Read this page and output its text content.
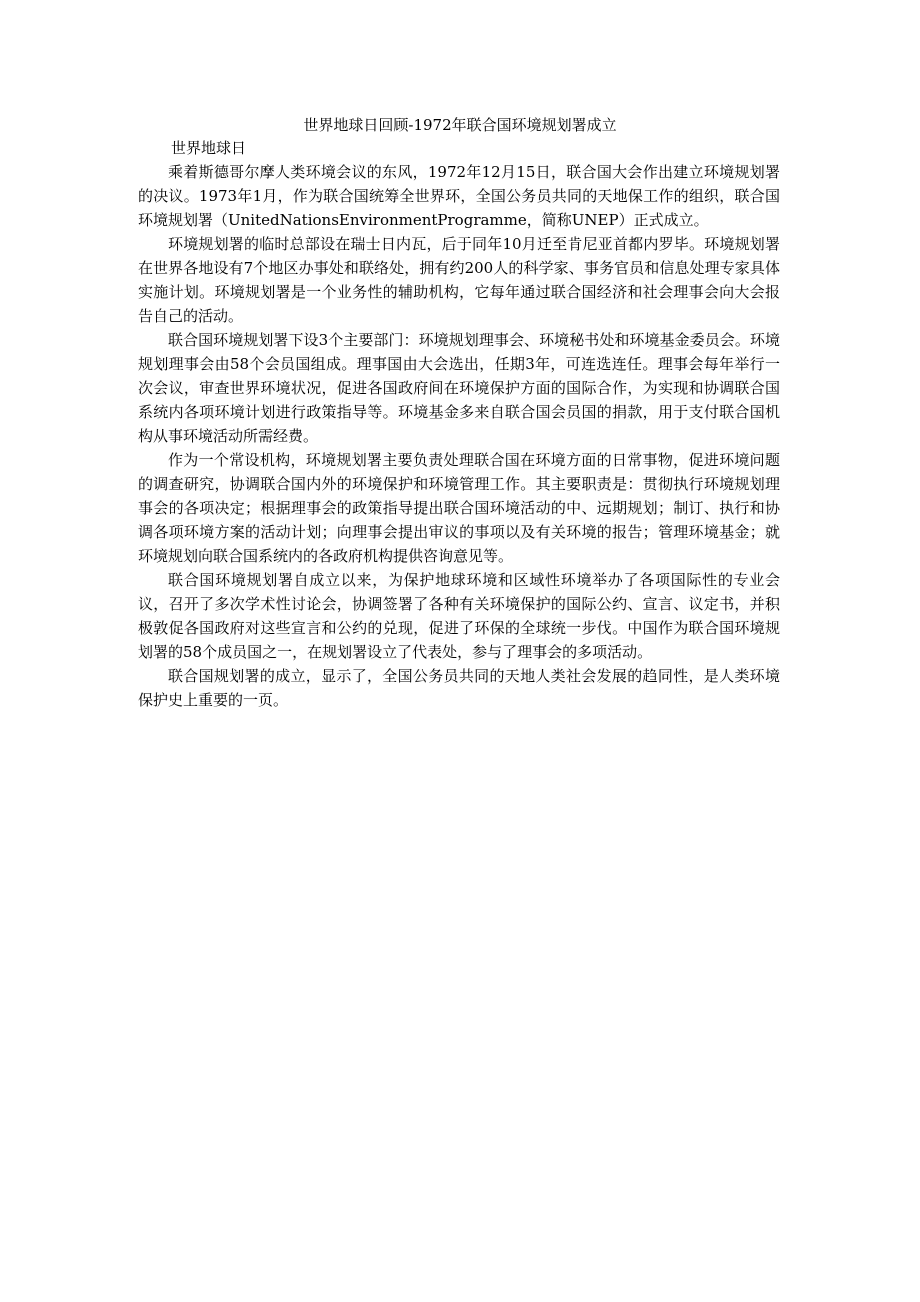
世界地球日回顾-1972年联合国环境规划署成立
世界地球日

乘着斯德哥尔摩人类环境会议的东风，1972年12月15日，联合国大会作出建立环境规划署的决议。1973年1月，作为联合国统筹全世界环，全国公务员共同的天地保工作的组织，联合国环境规划署（UnitedNationsEnvironmentProgramme，简称UNEP）正式成立。

环境规划署的临时总部设在瑞士日内瓦，后于同年10月迁至肯尼亚首都内罗毕。环境规划署在世界各地设有7个地区办事处和联络处，拥有约200人的科学家、事务官员和信息处理专家具体实施计划。环境规划署是一个业务性的辅助机构，它每年通过联合国经济和社会理事会向大会报告自己的活动。

联合国环境规划署下设3个主要部门：环境规划理事会、环境秘书处和环境基金委员会。环境规划理事会由58个会员国组成。理事国由大会选出，任期3年，可连选连任。理事会每年举行一次会议，审查世界环境状况，促进各国政府间在环境保护方面的国际合作，为实现和协调联合国系统内各项环境计划进行政策指导等。环境基金多来自联合国会员国的捐款，用于支付联合国机构从事环境活动所需经费。

作为一个常设机构，环境规划署主要负责处理联合国在环境方面的日常事物，促进环境问题的调查研究，协调联合国内外的环境保护和环境管理工作。其主要职责是：贯彻执行环境规划理事会的各项决定；根据理事会的政策指导提出联合国环境活动的中、远期规划；制订、执行和协调各项环境方案的活动计划；向理事会提出审议的事项以及有关环境的报告；管理环境基金；就环境规划向联合国系统内的各政府机构提供咨询意见等。

联合国环境规划署自成立以来，为保护地球环境和区域性环境举办了各项国际性的专业会议，召开了多次学术性讨论会，协调签署了各种有关环境保护的国际公约、宣言、议定书，并积极敦促各国政府对这些宣言和公约的兑现，促进了环保的全球统一步伐。中国作为联合国环境规划署的58个成员国之一，在规划署设立了代表处，参与了理事会的多项活动。

联合国规划署的成立，显示了，全国公务员共同的天地人类社会发展的趋同性，是人类环境保护史上重要的一页。
